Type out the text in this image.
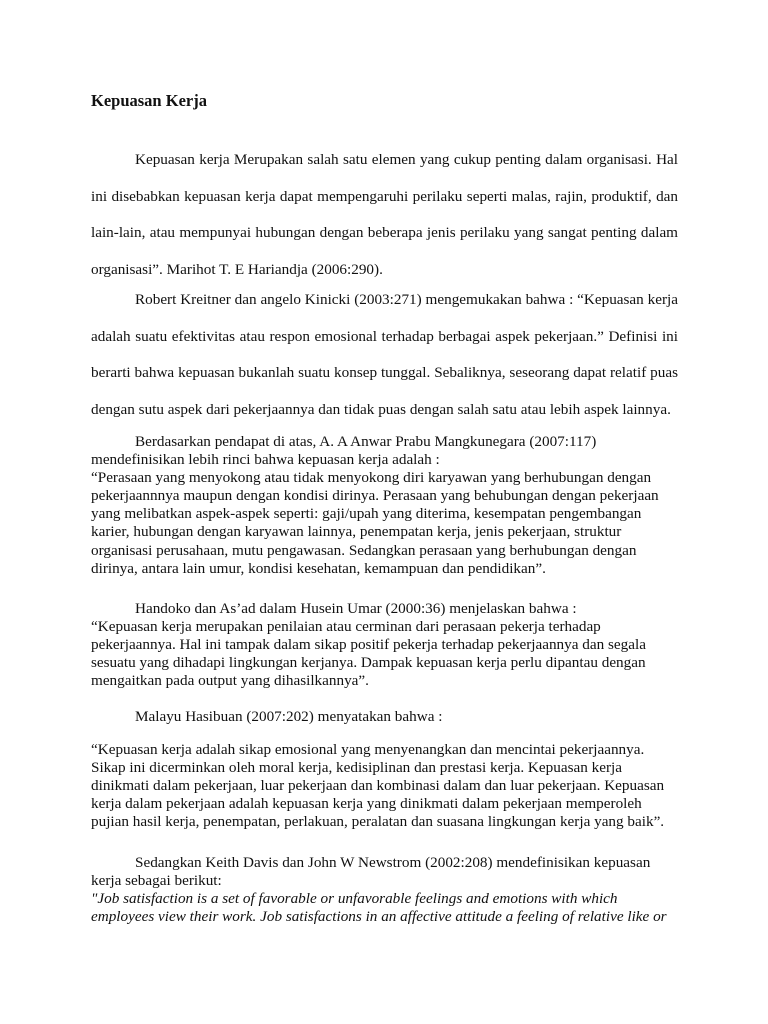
Kepuasan Kerja

Kepuasan kerja Merupakan salah satu elemen yang cukup penting dalam organisasi. Hal ini disebabkan kepuasan kerja dapat mempengaruhi perilaku seperti malas, rajin, produktif, dan lain-lain, atau mempunyai hubungan dengan beberapa jenis perilaku yang sangat penting dalam organisasi”. Marihot T. E Hariandja (2006:290).

Robert Kreitner dan angelo Kinicki (2003:271) mengemukakan bahwa : “Kepuasan kerja adalah suatu efektivitas atau respon emosional terhadap berbagai aspek pekerjaan.” Definisi ini berarti bahwa kepuasan bukanlah suatu konsep tunggal. Sebaliknya, seseorang dapat relatif puas dengan sutu aspek dari pekerjaannya dan tidak puas dengan salah satu atau lebih aspek lainnya.

Berdasarkan pendapat di atas, A. A Anwar Prabu Mangkunegara (2007:117) mendefinisikan lebih rinci bahwa kepuasan kerja adalah :

“Perasaan yang menyokong atau tidak menyokong diri karyawan yang berhubungan dengan pekerjaannnya maupun dengan kondisi dirinya. Perasaan yang behubungan dengan pekerjaan yang melibatkan aspek-aspek seperti: gaji/upah yang diterima, kesempatan pengembangan karier, hubungan dengan karyawan lainnya, penempatan kerja, jenis pekerjaan, struktur organisasi perusahaan, mutu pengawasan. Sedangkan perasaan yang berhubungan dengan dirinya, antara lain umur, kondisi kesehatan, kemampuan dan pendidikan”.

Handoko dan As’ad dalam Husein Umar (2000:36) menjelaskan bahwa :

“Kepuasan kerja merupakan penilaian atau cerminan dari perasaan pekerja terhadap pekerjaannya. Hal ini tampak dalam sikap positif pekerja terhadap pekerjaannya dan segala sesuatu yang dihadapi lingkungan kerjanya. Dampak kepuasan kerja perlu dipantau dengan mengaitkan pada output yang dihasilkannya”.

Malayu Hasibuan (2007:202) menyatakan bahwa :

“Kepuasan kerja adalah sikap emosional yang menyenangkan dan mencintai pekerjaannya. Sikap ini dicerminkan oleh moral kerja, kedisiplinan dan prestasi kerja. Kepuasan kerja dinikmati dalam pekerjaan, luar pekerjaan dan kombinasi dalam dan luar pekerjaan. Kepuasan kerja dalam pekerjaan adalah kepuasan kerja yang dinikmati dalam pekerjaan memperoleh pujian hasil kerja, penempatan, perlakuan, peralatan dan suasana lingkungan kerja yang baik”.

Sedangkan Keith Davis dan John W Newstrom (2002:208) mendefinisikan kepuasan kerja sebagai berikut:

"Job satisfaction is a set of favorable or unfavorable feelings and emotions with which employees view their work. Job satisfactions in an affective attitude a feeling of relative like or
